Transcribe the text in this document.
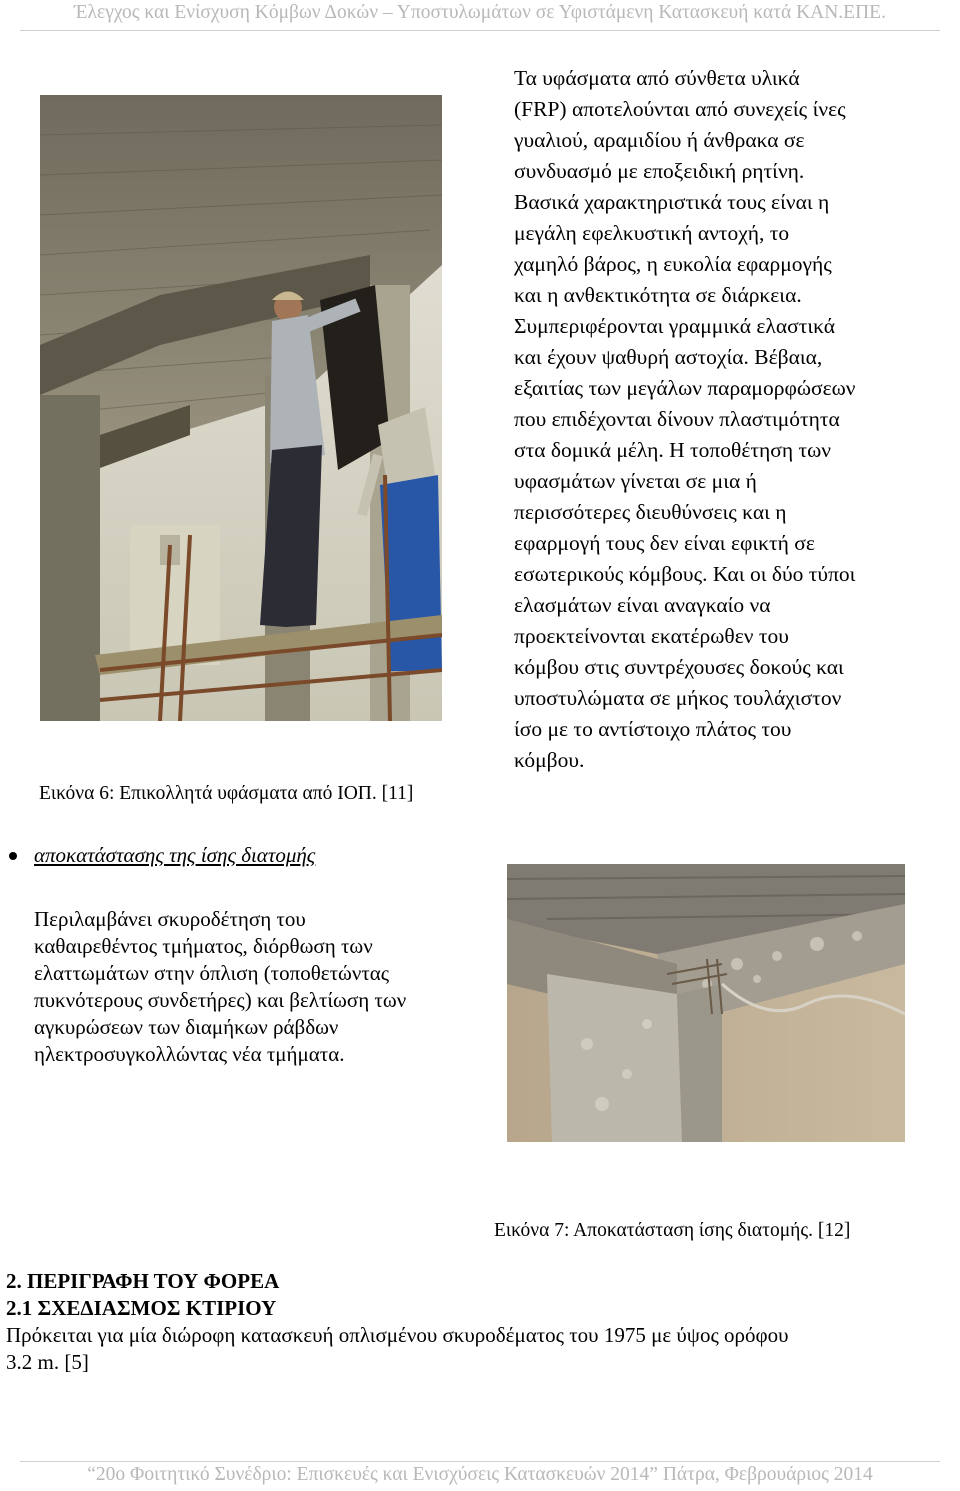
Έλεγχος και Ενίσχυση Κόμβων Δοκών – Υποστυλωμάτων σε Υφιστάμενη Κατασκευή κατά ΚΑΝ.ΕΠΕ.
Εικόνα 6: Επικολλητά υφάσματα από ΙΟΠ. [11]
Τα υφάσματα από σύνθετα υλικά
(FRP) αποτελούνται από συνεχείς ίνες
γυαλιού, αραμιδίου ή άνθρακα σε
συνδυασμό με εποξειδική ρητίνη.
Βασικά χαρακτηριστικά τους είναι η
μεγάλη εφελκυστική αντοχή, το
χαμηλό βάρος, η ευκολία εφαρμογής
και η ανθεκτικότητα σε διάρκεια.
Συμπεριφέρονται γραμμικά ελαστικά
και έχουν ψαθυρή αστοχία. Βέβαια,
εξαιτίας των μεγάλων παραμορφώσεων
που επιδέχονται δίνουν πλαστιμότητα
στα δομικά μέλη. Η τοποθέτηση των
υφασμάτων γίνεται σε μια ή
περισσότερες διευθύνσεις και η
εφαρμογή τους δεν είναι εφικτή σε
εσωτερικούς κόμβους. Και οι δύο τύποι
ελασμάτων είναι αναγκαίο να
προεκτείνονται εκατέρωθεν του
κόμβου στις συντρέχουσες δοκούς και
υποστυλώματα σε μήκος τουλάχιστον
ίσο με το αντίστοιχο πλάτος του
κόμβου.
αποκατάστασης της ίσης διατομής
Περιλαμβάνει σκυροδέτηση του
καθαιρεθέντος τμήματος, διόρθωση των
ελαττωμάτων στην όπλιση (τοποθετώντας
πυκνότερους συνδετήρες) και βελτίωση των
αγκυρώσεων των διαμήκων ράβδων
ηλεκτροσυγκολλώντας νέα τμήματα.
Εικόνα 7: Αποκατάσταση ίσης διατομής. [12]
2. ΠΕΡΙΓΡΑΦΗ ΤΟΥ ΦΟΡΕΑ
2.1 ΣΧΕΔΙΑΣΜΟΣ ΚΤΙΡΙΟΥ
Πρόκειται για μία διώροφη κατασκευή οπλισμένου σκυροδέματος του 1975 με ύψος ορόφου
3.2 m. [5]
“20ο Φοιτητικό Συνέδριο: Επισκευές και Ενισχύσεις Κατασκευών 2014” Πάτρα, Φεβρουάριος 2014
